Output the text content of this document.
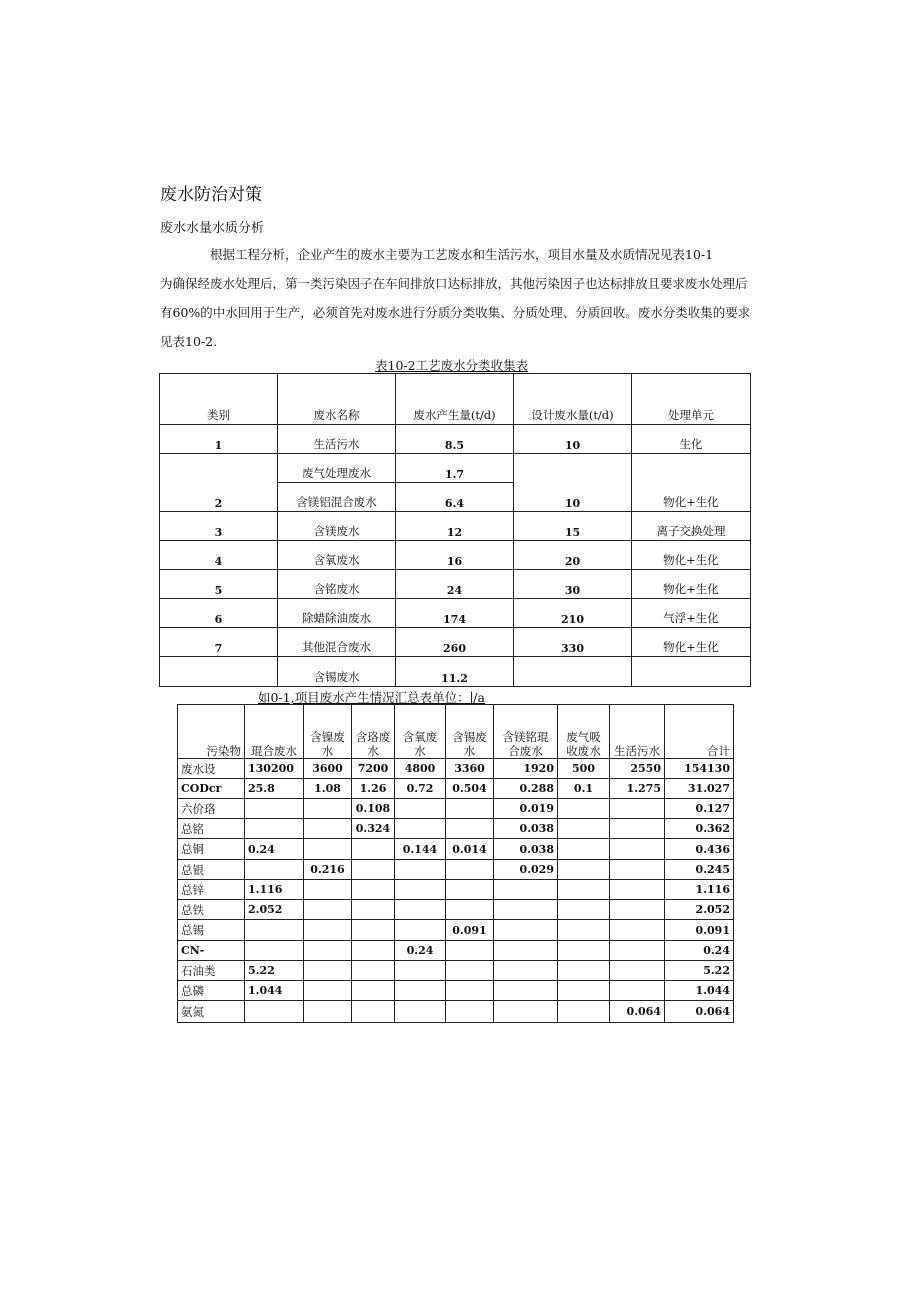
废水防治对策
废水水量水质分析

根据工程分析，企业产生的废水主要为工艺废水和生活污水，项目水量及水质情况见表10-1

为确保经废水处理后，第一类污染因子在车间排放口达标排放，其他污染因子也达标排放且要求废水处理后

有60%的中水回用于生产，必须首先对废水进行分质分类收集、分质处理、分质回收。废水分类收集的要求

见表10-2.

表10-2工艺废水分类收集表
类别	废水名称	废水产生量(t/d)	设计废水量(t/d)	处理单元
1	生活污水	8.5	10	生化
2	废气处理废水	1.7	10	物化+生化
	含镁铝混合废水	6.4		
3	含镁废水	12	15	离子交换处理
4	含氧废水	16	20	物化+生化
5	含铭废水	24	30	物化+生化
6	除蜡除油废水	174	210	气浮+生化
7	其他混合废水	260	330	物化+生化
	含锡废水	11.2		
如0-1,项目废水产生情况汇总表单位：∣/a
污染物	琨合废水	含镍废水	含珞废水	含氧废水	含锡废水	含镁铭琨合废水	废气吸收废水	生活污水	合计
废水设	130200	3600	7200	4800	3360	1920	500	2550	154130
CODcr	25.8	1.08	1.26	0.72	0.504	0.288	0.1	1.275	31.027
六价珞			0.108			0.019			0.127
总铭			0.324			0.038			0.362
总铜	0.24			0.144	0.014	0.038			0.436
总银		0.216				0.029			0.245
总锌	1.116								1.116
总铁	2.052								2.052
总锡					0.091				0.091
CN-				0.24					0.24
石油类	5.22								5.22
总磷	1.044								1.044
氨氮								0.064	0.064
